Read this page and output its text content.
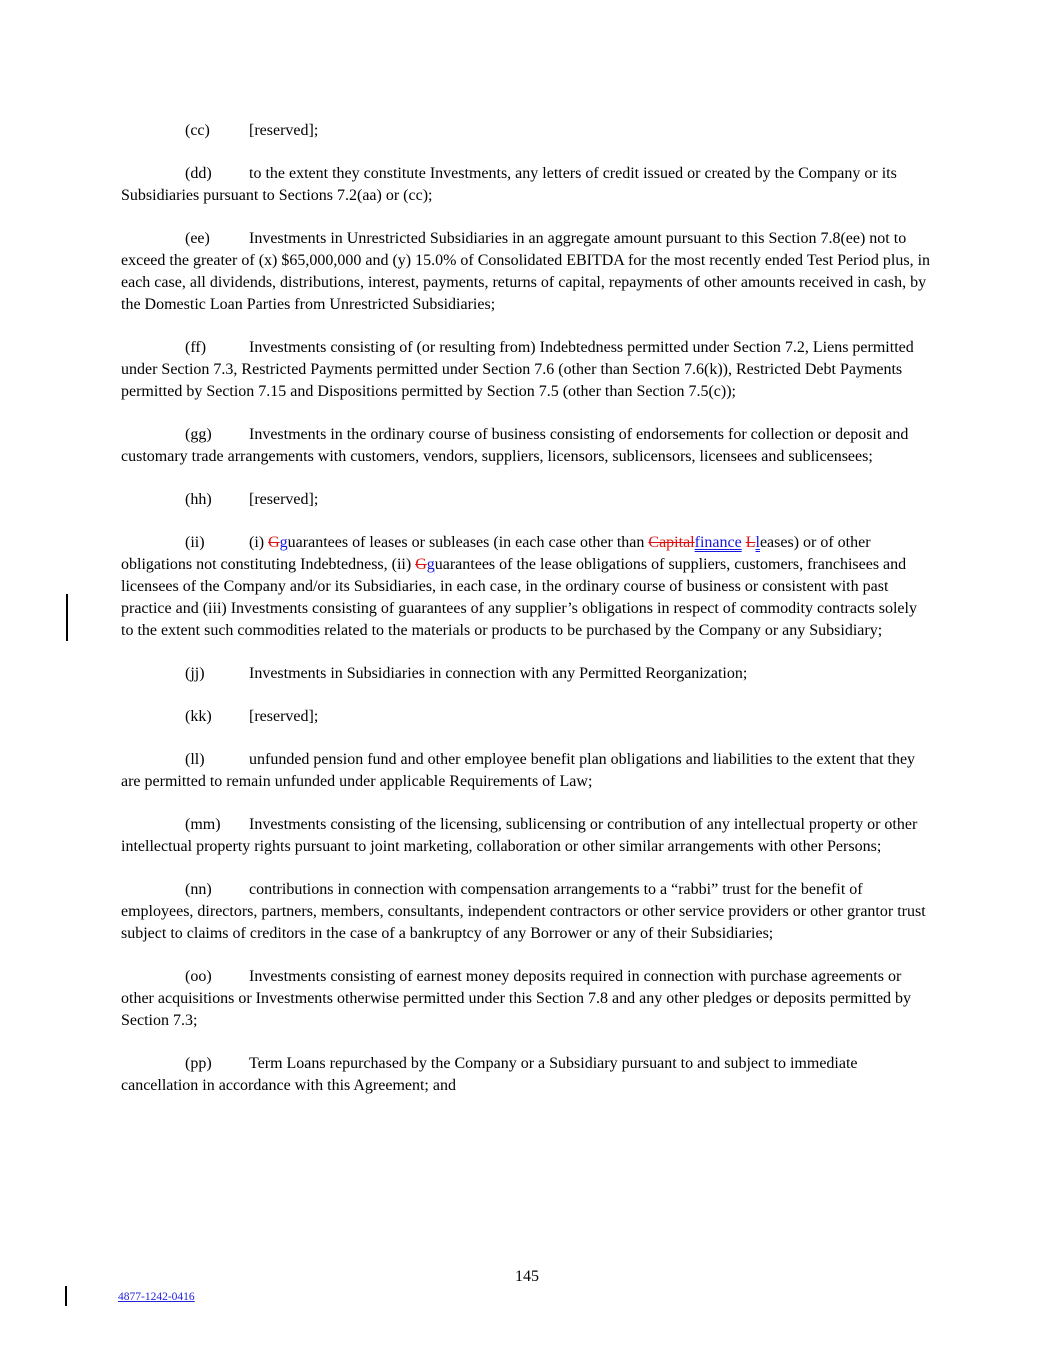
(cc) [reserved];

(dd) to the extent they constitute Investments, any letters of credit issued or created by the Company or its Subsidiaries pursuant to Sections 7.2(aa) or (cc);

(ee) Investments in Unrestricted Subsidiaries in an aggregate amount pursuant to this Section 7.8(ee) not to exceed the greater of (x) $65,000,000 and (y) 15.0% of Consolidated EBITDA for the most recently ended Test Period plus, in each case, all dividends, distributions, interest, payments, returns of capital, repayments of other amounts received in cash, by the Domestic Loan Parties from Unrestricted Subsidiaries;

(ff)	Investments consisting of (or resulting from) Indebtedness permitted under Section 7.2, Liens permitted under Section 7.3, Restricted Payments permitted under Section 7.6 (other than Section 7.6(k)), Restricted Debt Payments permitted by Section 7.15 and Dispositions permitted by Section 7.5 (other than Section 7.5(c));

(gg) Investments in the ordinary course of business consisting of endorsements for collection or deposit and customary trade arrangements with customers, vendors, suppliers, licensors, sublicensors, licensees and sublicensees;

(hh) [reserved];

(ii)	(i) Gguarantees of leases or subleases (in each case other than Capitalfinance Lleases) or of other obligations not constituting Indebtedness, (ii) Gguarantees of the lease obligations of suppliers, customers, franchisees and licensees of the Company and/or its Subsidiaries, in each case, in the ordinary course of business or consistent with past practice and (iii) Investments consisting of guarantees of any supplier’s obligations in respect of commodity contracts solely to the extent such commodities related to the materials or products to be purchased by the Company or any Subsidiary;

(jj)	Investments in Subsidiaries in connection with any Permitted Reorganization;

(kk) [reserved];

(ll)	unfunded pension fund and other employee benefit plan obligations and liabilities to the extent that they are permitted to remain unfunded under applicable Requirements of Law;

(mm) Investments consisting of the licensing, sublicensing or contribution of any intellectual property or other intellectual property rights pursuant to joint marketing, collaboration or other similar arrangements with other Persons;

(nn) contributions in connection with compensation arrangements to a “rabbi” trust for the benefit of employees, directors, partners, members, consultants, independent contractors or other service providers or other grantor trust subject to claims of creditors in the case of a bankruptcy of any Borrower or any of their Subsidiaries;

(oo) Investments consisting of earnest money deposits required in connection with purchase agreements or other acquisitions or Investments otherwise permitted under this Section 7.8 and any other pledges or deposits permitted by Section 7.3;

(pp) Term Loans repurchased by the Company or a Subsidiary pursuant to and subject to immediate cancellation in accordance with this Agreement; and

145
4877-1242-0416
